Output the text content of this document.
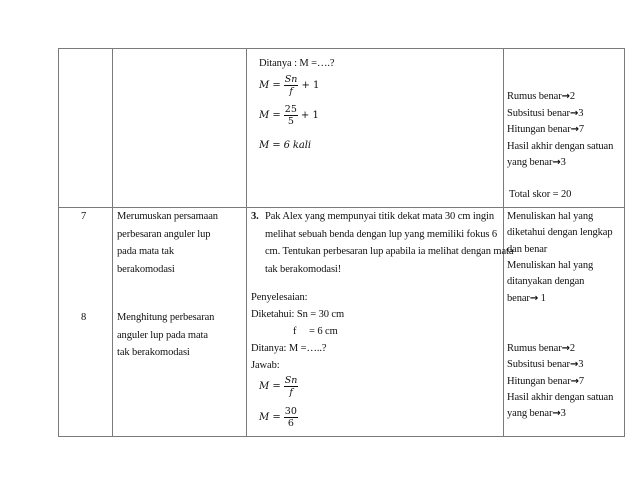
Ditanya : M =….?
$M = \frac{Sn}{f} + 1$
$M = \frac{25}{5} + 1$
M = 6 kali
Rumus benar→2
Subsitusi benar→3
Hitungan benar→7
Hasil akhir dengan satuan
yang benar→3
Total skor = 20
7
8
Merumuskan persamaan
perbesaran anguler lup
pada mata tak
berakomodasi
Menghitung perbesaran
anguler lup pada mata
tak berakomodasi
3. Pak Alex yang mempunyai titik dekat mata 30 cm ingin
melihat sebuah benda dengan lup yang memiliki fokus 6
cm. Tentukan perbesaran lup apabila ia melihat dengan mata
tak berakomodasi!
Penyelesaian:
Diketahui: Sn = 30 cm
f     = 6 cm
Ditanya: M =…..?
Jawab:
$M = \frac{Sn}{f}$
$M = \frac{30}{6}$
Menuliskan hal yang
diketahui dengan lengkap
dan benar
Menuliskan hal yang
ditanyakan dengan
benar→ 1
Rumus benar→2
Subsitusi benar→3
Hitungan benar→7
Hasil akhir dengan satuan
yang benar→3
